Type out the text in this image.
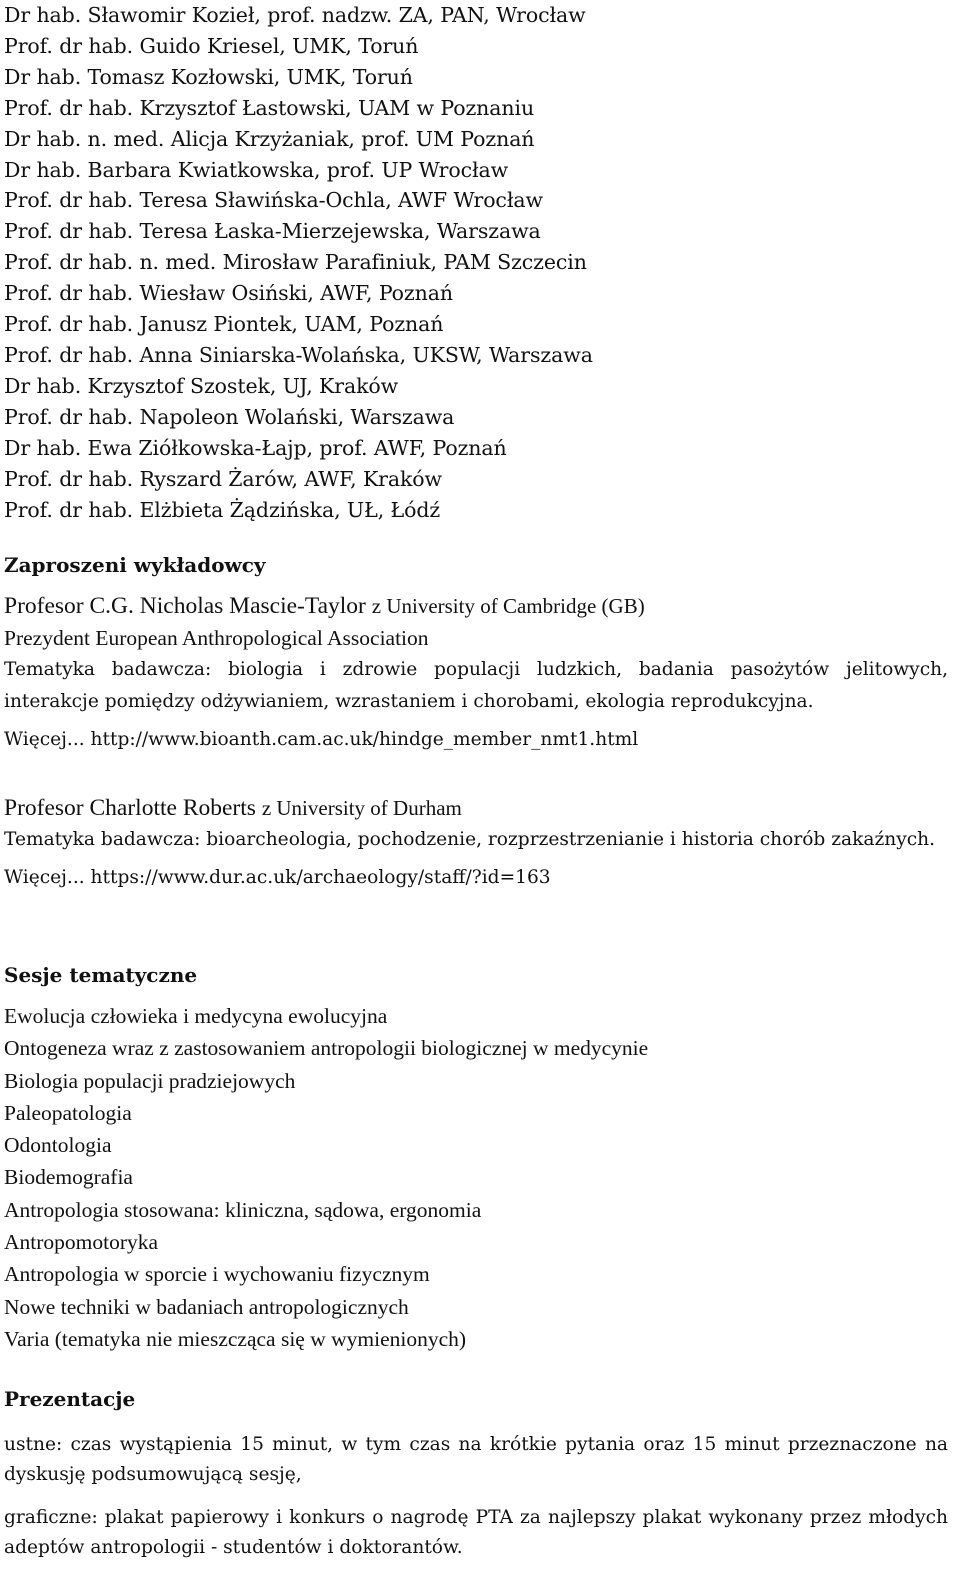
Dr hab. Sławomir Kozieł, prof. nadzw. ZA, PAN, Wrocław

Prof. dr hab. Guido Kriesel, UMK, Toruń

Dr hab. Tomasz Kozłowski, UMK, Toruń

Prof. dr hab. Krzysztof Łastowski, UAM w Poznaniu

Dr hab. n. med. Alicja Krzyżaniak, prof. UM Poznań

Dr hab. Barbara Kwiatkowska, prof. UP Wrocław

Prof. dr hab. Teresa Sławińska-Ochla, AWF Wrocław

Prof. dr hab. Teresa Łaska-Mierzejewska, Warszawa

Prof. dr hab. n. med. Mirosław Parafiniuk, PAM Szczecin

Prof. dr hab. Wiesław Osiński, AWF, Poznań

Prof. dr hab. Janusz Piontek, UAM, Poznań

Prof. dr hab. Anna Siniarska-Wolańska, UKSW, Warszawa

Dr hab. Krzysztof Szostek, UJ, Kraków

Prof. dr hab. Napoleon Wolański, Warszawa

Dr hab. Ewa Ziółkowska-Łajp, prof. AWF, Poznań

Prof. dr hab. Ryszard Żarów, AWF, Kraków

Prof. dr hab. Elżbieta Żądzińska, UŁ, Łódź

Zaproszeni wykładowcy

Profesor C.G. Nicholas Mascie-Taylor z University of Cambridge (GB)

Prezydent European Anthropological Association

Tematyka badawcza: biologia i zdrowie populacji ludzkich, badania pasożytów jelitowych, interakcje pomiędzy odżywianiem, wzrastaniem i chorobami, ekologia reprodukcyjna.

Więcej... http://www.bioanth.cam.ac.uk/hindge_member_nmt1.html

Profesor Charlotte Roberts z University of Durham

Tematyka badawcza: bioarcheologia, pochodzenie, rozprzestrzenianie i historia chorób zakaźnych.

Więcej... https://www.dur.ac.uk/archaeology/staff/?id=163

Sesje tematyczne

Ewolucja człowieka i medycyna ewolucyjna

Ontogeneza wraz z zastosowaniem antropologii biologicznej w medycynie

Biologia populacji pradziejowych

Paleopatologia

Odontologia

Biodemografia

Antropologia stosowana: kliniczna, sądowa, ergonomia

Antropomotoryka

Antropologia w sporcie i wychowaniu fizycznym

Nowe techniki w badaniach antropologicznych

Varia (tematyka nie mieszcząca się w wymienionych)

Prezentacje

ustne: czas wystąpienia 15 minut, w tym czas na krótkie pytania oraz 15 minut przeznaczone na dyskusję podsumowującą sesję,

graficzne: plakat papierowy i konkurs o nagrodę PTA za najlepszy plakat wykonany przez młodych adeptów antropologii - studentów i doktorantów.
